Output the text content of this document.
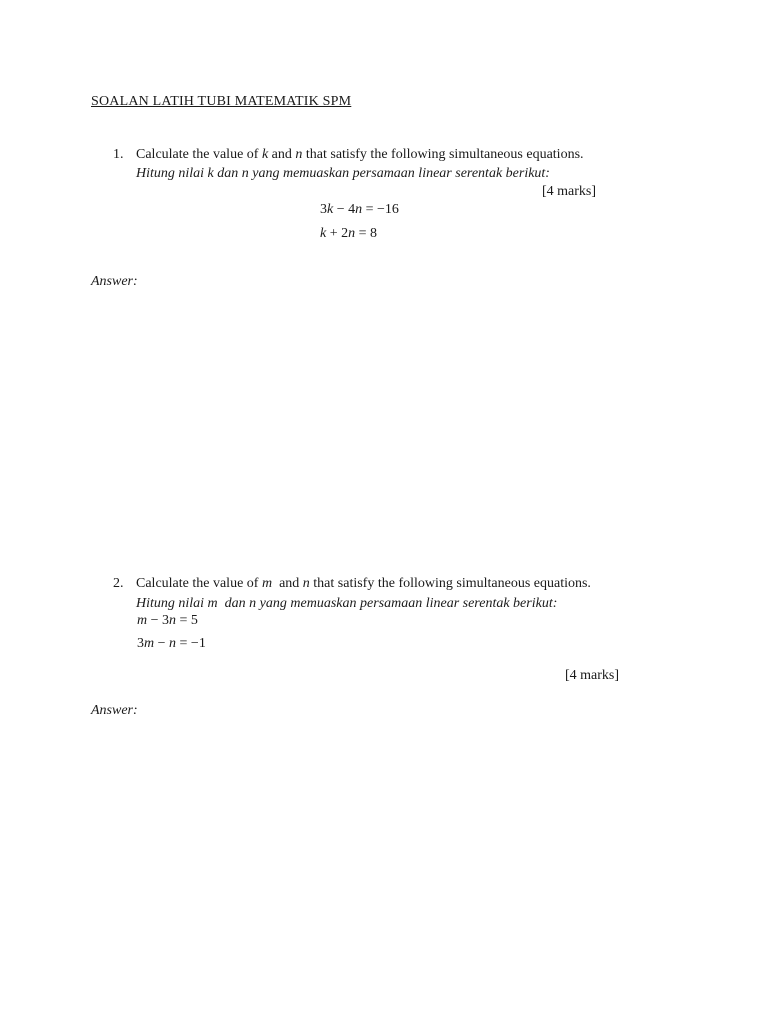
SOALAN LATIH TUBI MATEMATIK SPM
1. Calculate the value of k and n that satisfy the following simultaneous equations.
Hitung nilai k dan n yang memuaskan persamaan linear serentak berikut:
[4 marks]
3k − 4n = −16
k + 2n = 8
Answer:
2. Calculate the value of m  and n that satisfy the following simultaneous equations.
Hitung nilai m  dan n yang memuaskan persamaan linear serentak berikut:
m − 3n = 5
3m − n = −1
[4 marks]
Answer:
